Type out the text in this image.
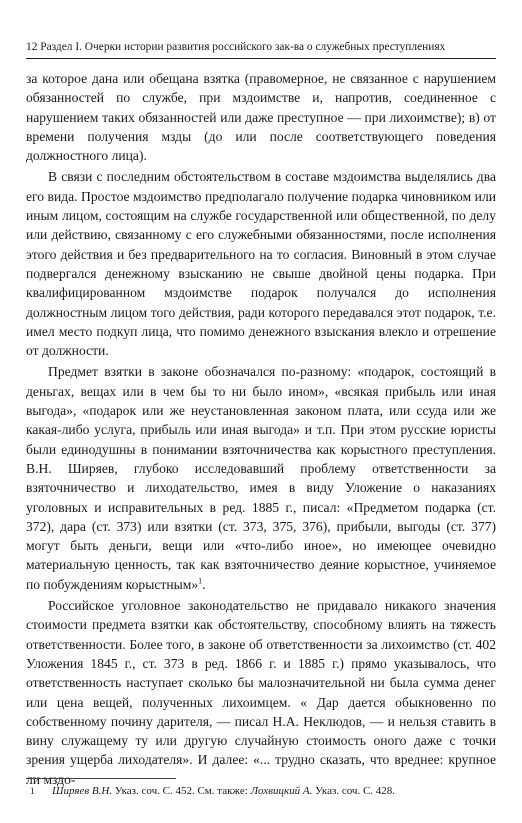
12 Раздел I. Очерки истории развития российского зак-ва о служебных преступлениях

за которое дана или обещана взятка (правомерное, не связанное с нарушением обязанностей по службе, при мздоимстве и, напротив, соединенное с нарушением таких обязанностей или даже преступное — при лихоимстве); в) от времени получения мзды (до или после соответствующего поведения должностного лица).

В связи с последним обстоятельством в составе мздоимства выделялись два его вида. Простое мздоимство предполагало получение подарка чиновником или иным лицом, состоящим на службе государственной или общественной, по делу или действию, связанному с его служебными обязанностями, после исполнения этого действия и без предварительного на то согласия. Виновный в этом случае подвергался денежному взысканию не свыше двойной цены подарка. При квалифицированном мздоимстве подарок получался до исполнения должностным лицом того действия, ради которого передавался этот подарок, т.е. имел место подкуп лица, что помимо денежного взыскания влекло и отрешение от должности.

Предмет взятки в законе обозначался по-разному: «подарок, состоящий в деньгах, вещах или в чем бы то ни было ином», «всякая прибыль или иная выгода», «подарок или же неустановленная законом плата, или ссуда или же какая-либо услуга, прибыль или иная выгода» и т.п. При этом русские юристы были единодушны в понимании взяточничества как корыстного преступления. В.Н. Ширяев, глубоко исследовавший проблему ответственности за взяточничество и лиходательство, имея в виду Уложение о наказаниях уголовных и исправительных в ред. 1885 г., писал: «Предметом подарка (ст. 372), дара (ст. 373) или взятки (ст. 373, 375, 376), прибыли, выгоды (ст. 377) могут быть деньги, вещи или «что-либо иное», но имеющее очевидно материальную ценность, так как взяточничество деяние корыстное, учиняемое по побуждениям корыстным»$^1$.

Российское уголовное законодательство не придавало никакого значения стоимости предмета взятки как обстоятельству, способному влиять на тяжесть ответственности. Более того, в законе об ответственности за лихоимство (ст. 402 Уложения 1845 г., ст. 373 в ред. 1866 г. и 1885 г.) прямо указывалось, что ответственность наступает сколько бы малозначительной ни была сумма денег или цена вещей, полученных лихоимцем. « Дар дается обыкновенно по собственному почину дарителя, — писал Н.А. Неклюдов, — и нельзя ставить в вину служащему ту или другую случайную стоимость оного даже с точки зрения ущерба лиходателя». И далее: «... трудно сказать, что вреднее: крупное ли мздо-

1 Ширяев В.Н. Указ. соч. С. 452. См. также: Лохвицкий А. Указ. соч. С. 428.
